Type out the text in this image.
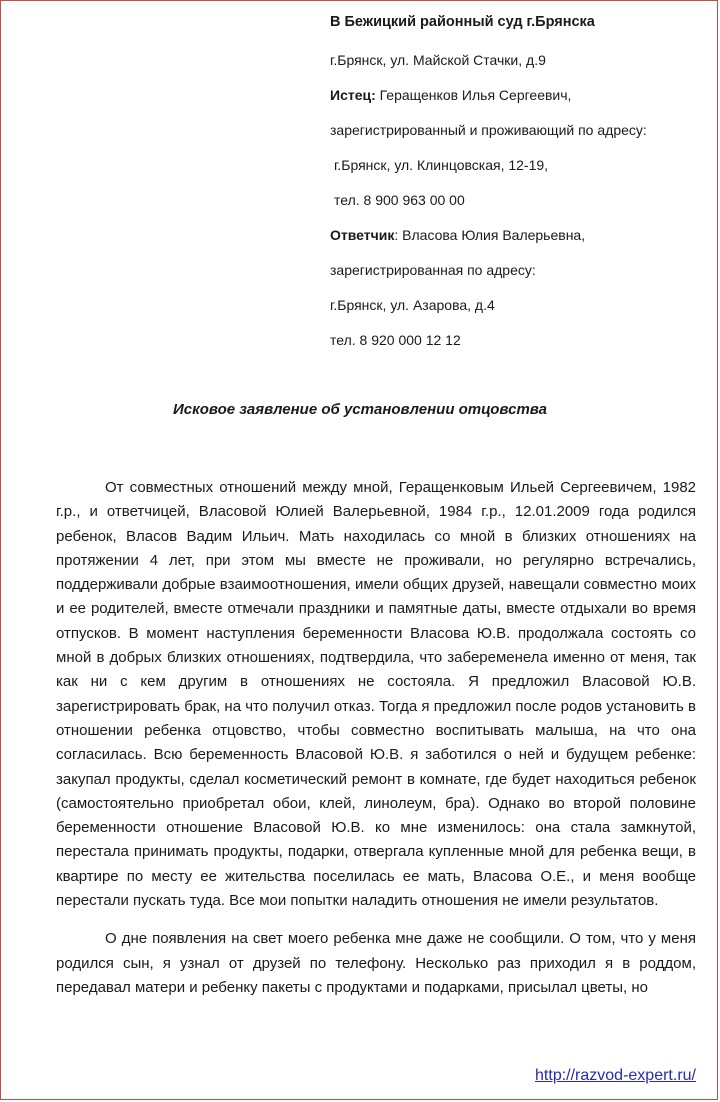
В Бежицкий районный суд г.Брянска
г.Брянск, ул. Майской Стачки, д.9
Истец: Геращенков Илья Сергеевич,
зарегистрированный и проживающий по адресу:
г.Брянск, ул. Клинцовская, 12-19,
тел. 8 900 963 00 00
Ответчик: Власова Юлия Валерьевна,
зарегистрированная по адресу:
г.Брянск, ул. Азарова, д.4
тел. 8 920 000 12 12
Исковое заявление об установлении отцовства

От совместных отношений между мной, Геращенковым Ильей Сергеевичем, 1982 г.р., и ответчицей, Власовой Юлией Валерьевной, 1984 г.р., 12.01.2009 года родился ребенок, Власов Вадим Ильич. Мать находилась со мной в близких отношениях на протяжении 4 лет, при этом мы вместе не проживали, но регулярно встречались, поддерживали добрые взаимоотношения, имели общих друзей, навещали совместно моих и ее родителей, вместе отмечали праздники и памятные даты, вместе отдыхали во время отпусков. В момент наступления беременности Власова Ю.В. продолжала состоять со мной в добрых близких отношениях, подтвердила, что забеременела именно от меня, так как ни с кем другим в отношениях не состояла. Я предложил Власовой Ю.В. зарегистрировать брак, на что получил отказ. Тогда я предложил после родов установить в отношении ребенка отцовство, чтобы совместно воспитывать малыша, на что она согласилась. Всю беременность Власовой Ю.В. я заботился о ней и будущем ребенке: закупал продукты, сделал косметический ремонт в комнате, где будет находиться ребенок (самостоятельно приобретал обои, клей, линолеум, бра). Однако во второй половине беременности отношение Власовой Ю.В. ко мне изменилось: она стала замкнутой, перестала принимать продукты, подарки, отвергала купленные мной для ребенка вещи, в квартире по месту ее жительства поселилась ее мать, Власова О.Е., и меня вообще перестали пускать туда. Все мои попытки наладить отношения не имели результатов.

О дне появления на свет моего ребенка мне даже не сообщили. О том, что у меня родился сын, я узнал от друзей по телефону. Несколько раз приходил я в роддом, передавал матери и ребенку пакеты с продуктами и подарками, присылал цветы, но

http://razvod-expert.ru/
